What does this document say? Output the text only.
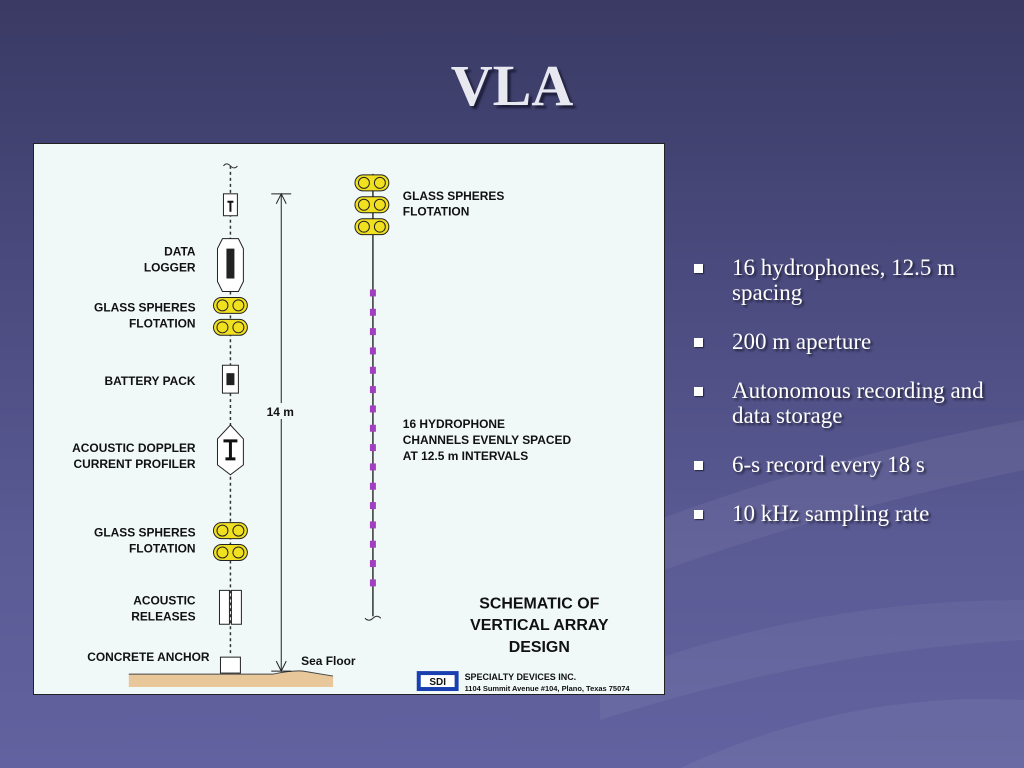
VLA
DATA
LOGGER
GLASS SPHERES
FLOTATION
BATTERY PACK
ACOUSTIC DOPPLER
CURRENT PROFILER
GLASS SPHERES
FLOTATION
ACOUSTIC
RELEASES
CONCRETE ANCHOR
14 m
Sea Floor
GLASS SPHERES
FLOTATION
16 HYDROPHONE
CHANNELS EVENLY SPACED
AT 12.5 m INTERVALS
SCHEMATIC OF
VERTICAL ARRAY
DESIGN
SDI SPECIALTY DEVICES INC.
1104 Summit Avenue #104, Plano, Texas 75074
16 hydrophones, 12.5 m spacing
200 m aperture
Autonomous recording and data storage
6-s record every 18 s
10 kHz sampling rate
